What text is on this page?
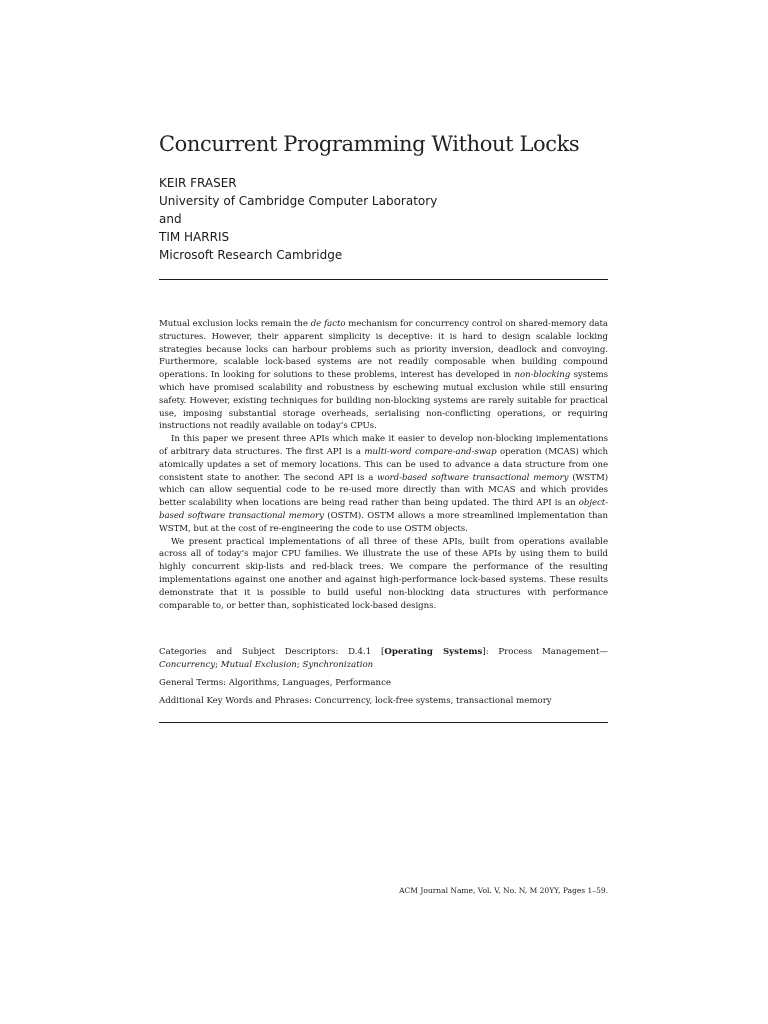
Concurrent Programming Without Locks
KEIR FRASER
University of Cambridge Computer Laboratory
and
TIM HARRIS
Microsoft Research Cambridge

Mutual exclusion locks remain the de facto mechanism for concurrency control on shared-memory data structures. However, their apparent simplicity is deceptive: it is hard to design scalable locking strategies because locks can harbour problems such as priority inversion, deadlock and convoying. Furthermore, scalable lock-based systems are not readily composable when building compound operations. In looking for solutions to these problems, interest has developed in non-blocking systems which have promised scalability and robustness by eschewing mutual exclusion while still ensuring safety. However, existing techniques for building non-blocking systems are rarely suitable for practical use, imposing substantial storage overheads, serialising non-conflicting operations, or requiring instructions not readily available on today’s CPUs.

In this paper we present three APIs which make it easier to develop non-blocking implementations of arbitrary data structures. The first API is a multi-word compare-and-swap operation (MCAS) which atomically updates a set of memory locations. This can be used to advance a data structure from one consistent state to another. The second API is a word-based software transactional memory (WSTM) which can allow sequential code to be re-used more directly than with MCAS and which provides better scalability when locations are being read rather than being updated. The third API is an object-based software transactional memory (OSTM). OSTM allows a more streamlined implementation than WSTM, but at the cost of re-engineering the code to use OSTM objects.

We present practical implementations of all three of these APIs, built from operations available across all of today’s major CPU families. We illustrate the use of these APIs by using them to build highly concurrent skip-lists and red-black trees. We compare the performance of the resulting implementations against one another and against high-performance lock-based systems. These results demonstrate that it is possible to build useful non-blocking data structures with performance comparable to, or better than, sophisticated lock-based designs.

Categories and Subject Descriptors: D.4.1 [Operating Systems]: Process Management—Concurrency; Mutual Exclusion; Synchronization
General Terms: Algorithms, Languages, Performance
Additional Key Words and Phrases: Concurrency, lock-free systems, transactional memory
ACM Journal Name, Vol. V, No. N, M 20YY, Pages 1–59.
